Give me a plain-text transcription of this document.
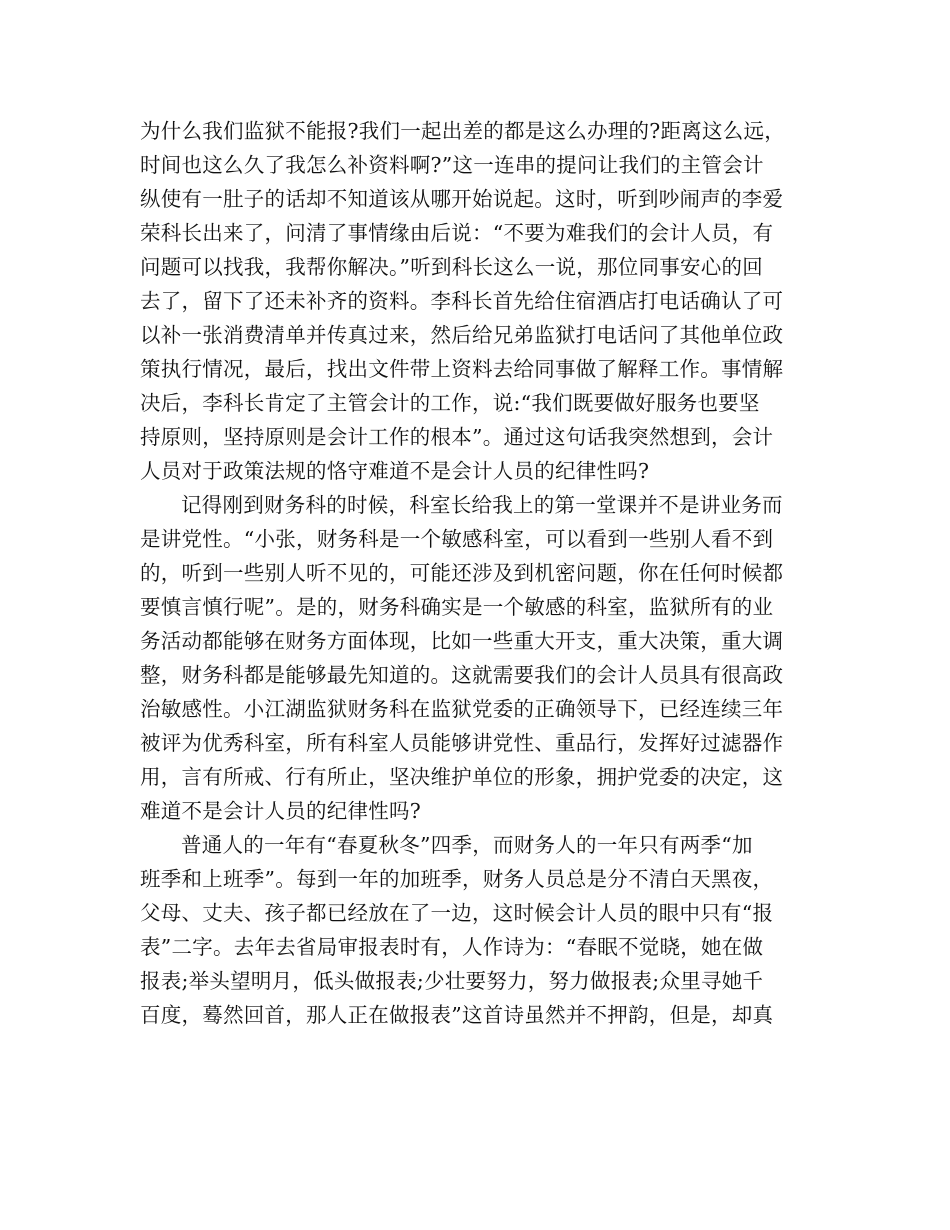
为什么我们监狱不能报?我们一起出差的都是这么办理的?距离这么远，
时间也这么久了我怎么补资料啊?”这一连串的提问让我们的主管会计
纵使有一肚子的话却不知道该从哪开始说起。这时，听到吵闹声的李爱
荣科长出来了，问清了事情缘由后说：“不要为难我们的会计人员，有
问题可以找我，我帮你解决。”听到科长这么一说，那位同事安心的回
去了，留下了还未补齐的资料。李科长首先给住宿酒店打电话确认了可
以补一张消费清单并传真过来，然后给兄弟监狱打电话问了其他单位政
策执行情况，最后，找出文件带上资料去给同事做了解释工作。事情解
决后，李科长肯定了主管会计的工作，说:“我们既要做好服务也要坚
持原则，坚持原则是会计工作的根本”。通过这句话我突然想到，会计
人员对于政策法规的恪守难道不是会计人员的纪律性吗?
记得刚到财务科的时候，科室长给我上的第一堂课并不是讲业务而
是讲党性。“小张，财务科是一个敏感科室，可以看到一些别人看不到
的，听到一些别人听不见的，可能还涉及到机密问题，你在任何时候都
要慎言慎行呢”。是的，财务科确实是一个敏感的科室，监狱所有的业
务活动都能够在财务方面体现，比如一些重大开支，重大决策，重大调
整，财务科都是能够最先知道的。这就需要我们的会计人员具有很高政
治敏感性。小江湖监狱财务科在监狱党委的正确领导下，已经连续三年
被评为优秀科室，所有科室人员能够讲党性、重品行，发挥好过滤器作
用，言有所戒、行有所止，坚决维护单位的形象，拥护党委的决定，这
难道不是会计人员的纪律性吗?
普通人的一年有“春夏秋冬”四季，而财务人的一年只有两季“加
班季和上班季”。每到一年的加班季，财务人员总是分不清白天黑夜，
父母、丈夫、孩子都已经放在了一边，这时候会计人员的眼中只有“报
表”二字。去年去省局审报表时有，人作诗为：“春眠不觉晓，她在做
报表;举头望明月，低头做报表;少壮要努力，努力做报表;众里寻她千
百度，蓦然回首，那人正在做报表”这首诗虽然并不押韵，但是，却真
